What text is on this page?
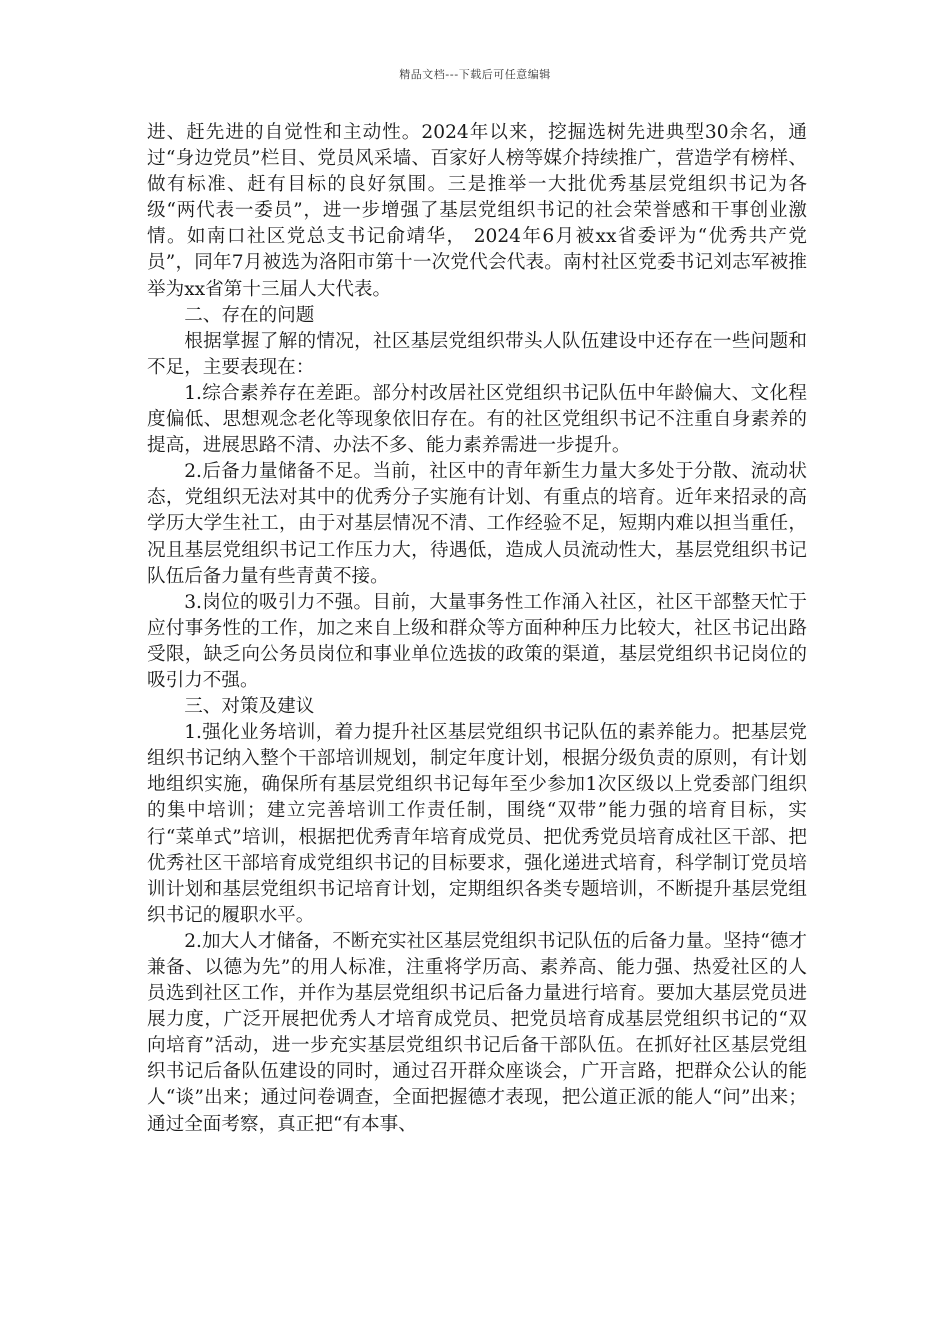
精品文档---下载后可任意编辑

进、赶先进的自觉性和主动性。2024年以来，挖掘选树先进典型30余名，通过“身边党员”栏目、党员风采墙、百家好人榜等媒介持续推广，营造学有榜样、做有标准、赶有目标的良好氛围。三是推举一大批优秀基层党组织书记为各级“两代表一委员”，进一步增强了基层党组织书记的社会荣誉感和干事创业激情。如南口社区党总支书记俞靖华， 2024年6月被xx省委评为“优秀共产党员”，同年7月被选为洛阳市第十一次党代会代表。南村社区党委书记刘志军被推举为xx省第十三届人大代表。

二、存在的问题

根据掌握了解的情况，社区基层党组织带头人队伍建设中还存在一些问题和不足，主要表现在：

1.综合素养存在差距。部分村改居社区党组织书记队伍中年龄偏大、文化程度偏低、思想观念老化等现象依旧存在。有的社区党组织书记不注重自身素养的提高，进展思路不清、办法不多、能力素养需进一步提升。

2.后备力量储备不足。当前，社区中的青年新生力量大多处于分散、流动状态，党组织无法对其中的优秀分子实施有计划、有重点的培育。近年来招录的高学历大学生社工，由于对基层情况不清、工作经验不足，短期内难以担当重任，况且基层党组织书记工作压力大，待遇低，造成人员流动性大，基层党组织书记队伍后备力量有些青黄不接。

3.岗位的吸引力不强。目前，大量事务性工作涌入社区，社区干部整天忙于应付事务性的工作，加之来自上级和群众等方面种种压力比较大，社区书记出路受限，缺乏向公务员岗位和事业单位选拔的政策的渠道，基层党组织书记岗位的吸引力不强。

三、对策及建议

1.强化业务培训，着力提升社区基层党组织书记队伍的素养能力。把基层党组织书记纳入整个干部培训规划，制定年度计划，根据分级负责的原则，有计划地组织实施，确保所有基层党组织书记每年至少参加1次区级以上党委部门组织的集中培训；建立完善培训工作责任制，围绕“双带”能力强的培育目标，实行“菜单式”培训，根据把优秀青年培育成党员、把优秀党员培育成社区干部、把优秀社区干部培育成党组织书记的目标要求，强化递进式培育，科学制订党员培训计划和基层党组织书记培育计划，定期组织各类专题培训，不断提升基层党组织书记的履职水平。

2.加大人才储备，不断充实社区基层党组织书记队伍的后备力量。坚持“德才兼备、以德为先”的用人标准，注重将学历高、素养高、能力强、热爱社区的人员选到社区工作，并作为基层党组织书记后备力量进行培育。要加大基层党员进展力度，广泛开展把优秀人才培育成党员、把党员培育成基层党组织书记的“双向培育”活动，进一步充实基层党组织书记后备干部队伍。在抓好社区基层党组织书记后备队伍建设的同时，通过召开群众座谈会，广开言路，把群众公认的能人“谈”出来；通过问卷调查，全面把握德才表现，把公道正派的能人“问”出来；通过全面考察，真正把“有本事、
